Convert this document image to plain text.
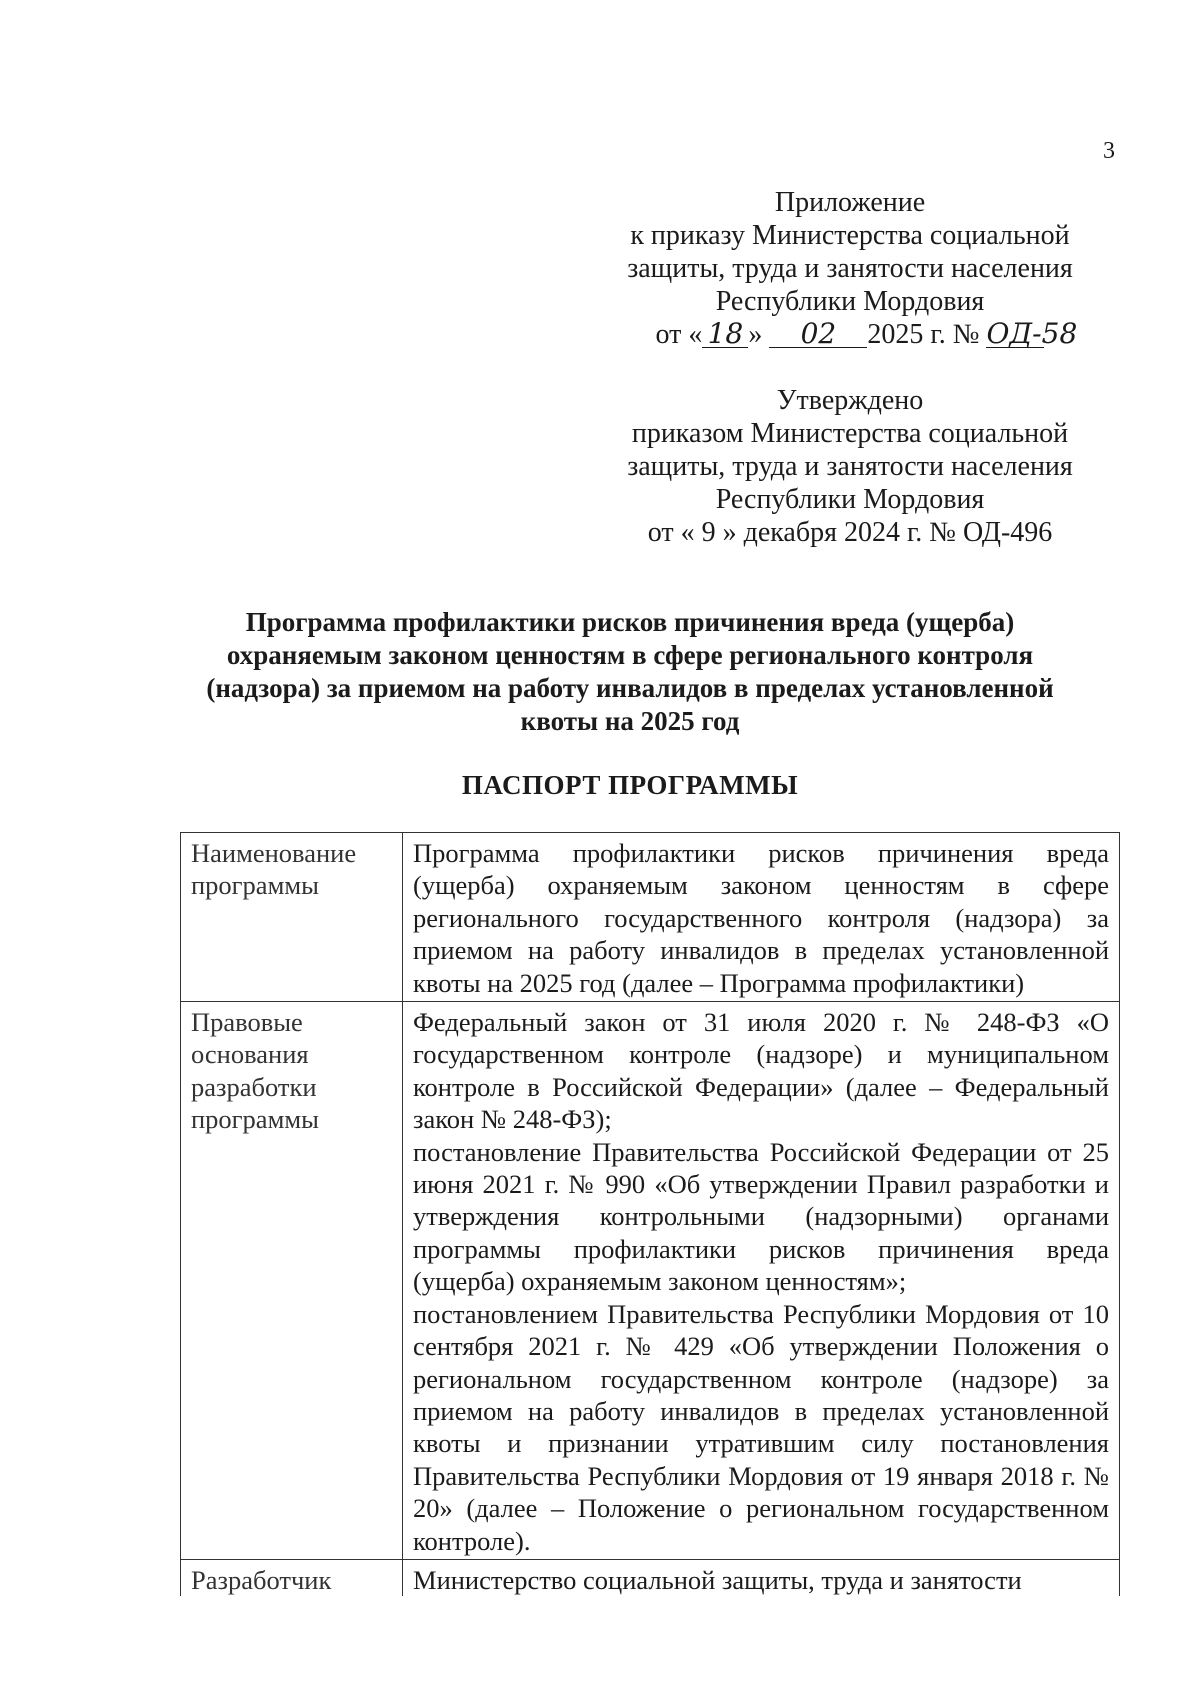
3
Приложение
к приказу Министерства социальной
защиты, труда и занятости населения
Республики Мордовия
от « 18 » 02 2025 г. № ОД-58
Утверждено
приказом Министерства социальной
защиты, труда и занятости населения
Республики Мордовия
от « 9 » декабря 2024 г. № ОД-496
Программа профилактики рисков причинения вреда (ущерба)
охраняемым законом ценностям в сфере регионального контроля
(надзора) за приемом на работу инвалидов в пределах установленной
квоты на 2025 год
ПАСПОРТ ПРОГРАММЫ
Наименование программы	Программа профилактики рисков причинения вреда (ущерба) охраняемым законом ценностям в сфере регионального государственного контроля (надзора) за приемом на работу инвалидов в пределах установленной квоты на 2025 год (далее – Программа профилактики)

Правовые основания разработки программы	Федеральный закон от 31 июля 2020 г. № 248-ФЗ «О государственном контроле (надзоре) и муниципальном контроле в Российской Федерации» (далее – Федеральный закон № 248-ФЗ);

постановление Правительства Российской Федерации от 25 июня 2021 г. № 990 «Об утверждении Правил разработки и утверждения контрольными (надзорными) органами программы профилактики рисков причинения вреда (ущерба) охраняемым законом ценностям»;

постановлением Правительства Республики Мордовия от 10 сентября 2021 г. № 429 «Об утверждении Положения о региональном государственном контроле (надзоре) за приемом на работу инвалидов в пределах установленной квоты и признании утратившим силу постановления Правительства Республики Мордовия от 19 января 2018 г. № 20» (далее – Положение о региональном государственном контроле).

Разработчик	Министерство социальной защиты, труда и занятости
